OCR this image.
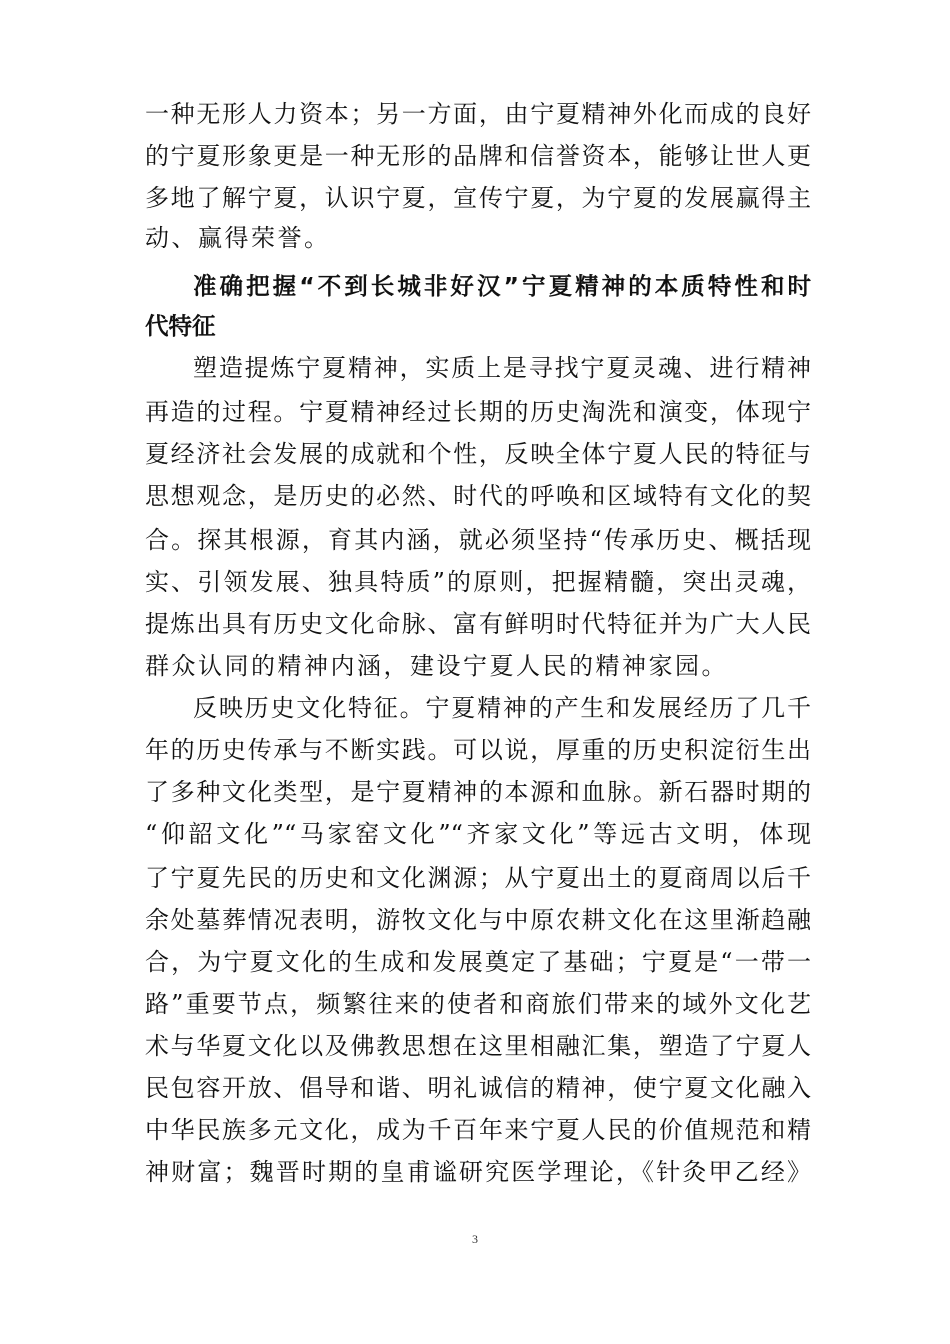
一种无形人力资本；另一方面，由宁夏精神外化而成的良好
的宁夏形象更是一种无形的品牌和信誉资本，能够让世人更
多地了解宁夏，认识宁夏，宣传宁夏，为宁夏的发展赢得主
动、赢得荣誉。
准确把握“不到长城非好汉”宁夏精神的本质特性和时
代特征
塑造提炼宁夏精神，实质上是寻找宁夏灵魂、进行精神
再造的过程。宁夏精神经过长期的历史淘洗和演变，体现宁
夏经济社会发展的成就和个性，反映全体宁夏人民的特征与
思想观念，是历史的必然、时代的呼唤和区域特有文化的契
合。探其根源，育其内涵，就必须坚持“传承历史、概括现
实、引领发展、独具特质”的原则，把握精髓，突出灵魂，
提炼出具有历史文化命脉、富有鲜明时代特征并为广大人民
群众认同的精神内涵，建设宁夏人民的精神家园。
反映历史文化特征。宁夏精神的产生和发展经历了几千
年的历史传承与不断实践。可以说，厚重的历史积淀衍生出
了多种文化类型，是宁夏精神的本源和血脉。新石器时期的
“仰韶文化”“马家窑文化”“齐家文化”等远古文明，体现
了宁夏先民的历史和文化渊源；从宁夏出土的夏商周以后千
余处墓葬情况表明，游牧文化与中原农耕文化在这里渐趋融
合，为宁夏文化的生成和发展奠定了基础；宁夏是“一带一
路”重要节点，频繁往来的使者和商旅们带来的域外文化艺
术与华夏文化以及佛教思想在这里相融汇集，塑造了宁夏人
民包容开放、倡导和谐、明礼诚信的精神，使宁夏文化融入
中华民族多元文化，成为千百年来宁夏人民的价值规范和精
神财富；魏晋时期的皇甫谧研究医学理论，《针灸甲乙经》
3
